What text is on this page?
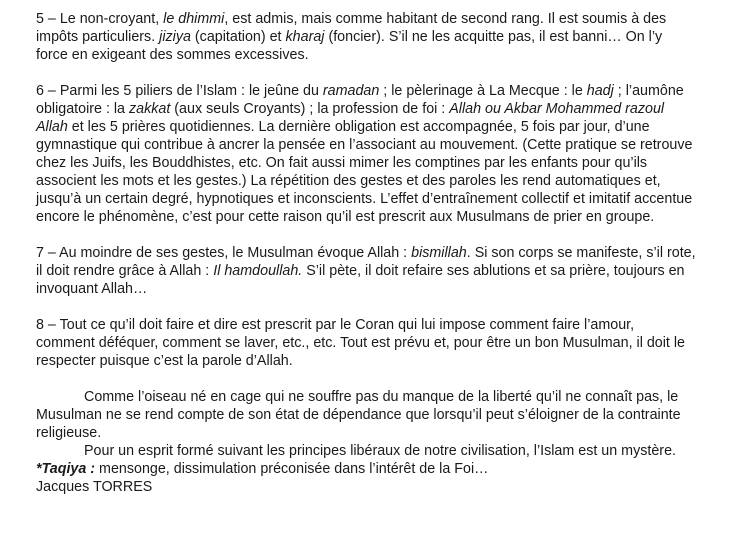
5 – Le non-croyant, le dhimmi, est admis, mais comme habitant de second rang. Il est soumis à des impôts particuliers. jiziya (capitation) et kharaj (foncier). S’il ne les acquitte pas, il est banni… On l’y force en exigeant des sommes excessives.

6 – Parmi les 5 piliers de l’Islam : le jeûne du ramadan ; le pèlerinage à La Mecque : le hadj ; l’aumône obligatoire : la zakkat (aux seuls Croyants) ; la profession de foi : Allah ou Akbar Mohammed razoul Allah et les 5 prières quotidiennes. La dernière obligation est accompagnée, 5 fois par jour, d’une gymnastique qui contribue à ancrer la pensée en l’associant au mouvement. (Cette pratique se retrouve chez les Juifs, les Bouddhistes, etc. On fait aussi mimer les comptines par les enfants pour qu’ils associent les mots et les gestes.) La répétition des gestes et des paroles les rend automatiques et, jusqu’à un certain degré, hypnotiques et inconscients. L’effet d’entraînement collectif et imitatif accentue encore le phénomène, c’est pour cette raison qu’il est prescrit aux Musulmans de prier en groupe.

7 – Au moindre de ses gestes, le Musulman évoque Allah : bismillah. Si son corps se manifeste, s’il rote, il doit rendre grâce à Allah : Il hamdoullah. S’il pète, il doit refaire ses ablutions et sa prière, toujours en invoquant Allah…

8 – Tout ce qu’il doit faire et dire est prescrit par le Coran qui lui impose comment faire l’amour, comment déféquer, comment se laver, etc., etc. Tout est prévu et, pour être un bon Musulman, il doit le respecter puisque c’est la parole d’Allah.

Comme l’oiseau né en cage qui ne souffre pas du manque de la liberté qu’il ne connaît pas, le Musulman ne se rend compte de son état de dépendance que lorsqu’il peut s’éloigner de la contrainte religieuse.

Pour un esprit formé suivant les principes libéraux de notre civilisation, l’Islam est un mystère.

*Taqiya : mensonge, dissimulation préconisée dans l’intérêt de la Foi…

Jacques TORRES
